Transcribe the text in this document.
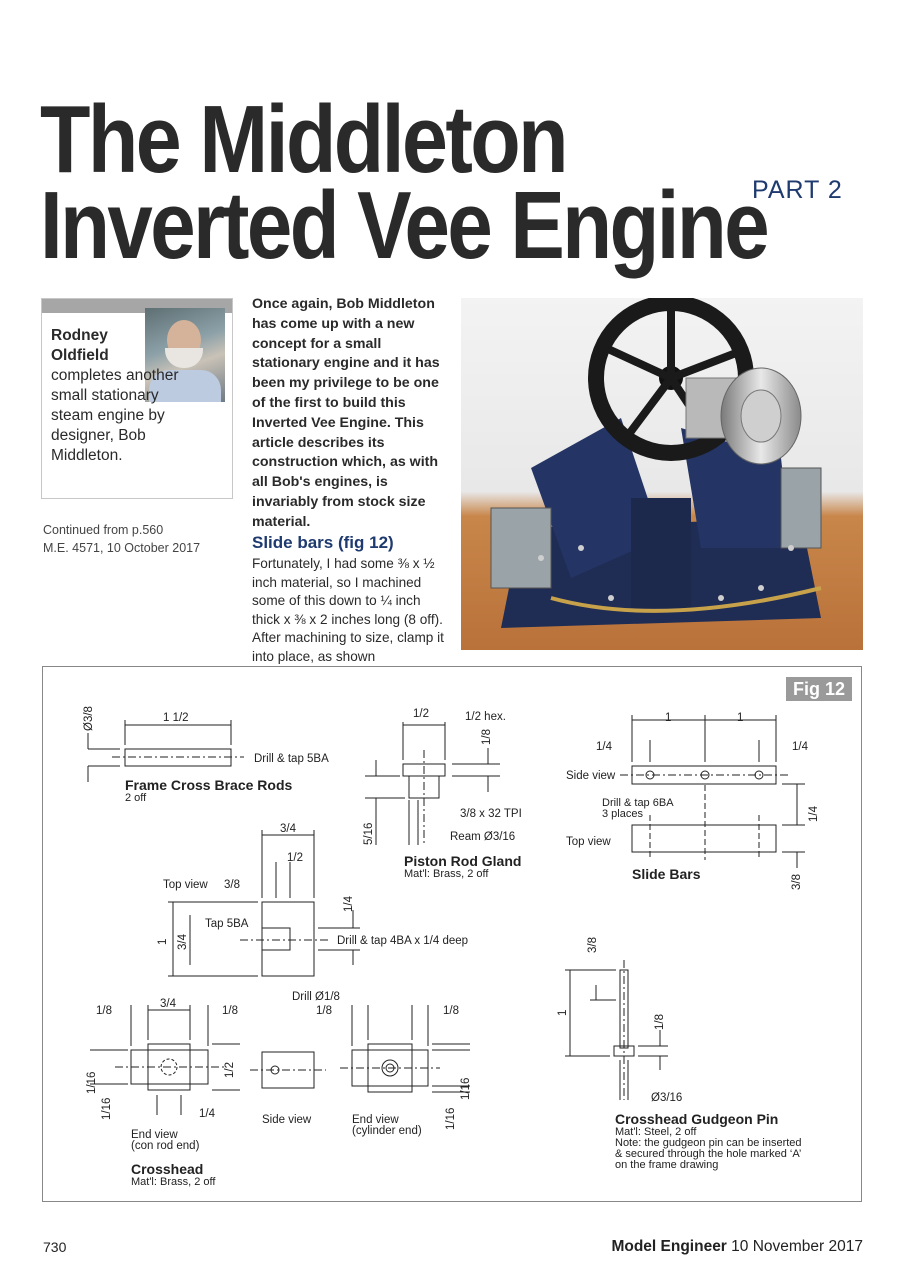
The Middleton
Inverted Vee Engine
PART 2
Rodney
Oldfield
completes another small stationary steam engine by designer, Bob Middleton.
Continued from p.560
M.E. 4571, 10 October 2017
Once again, Bob Middleton has come up with a new concept for a small stationary engine and it has been my privilege to be one of the first to build this Inverted Vee Engine. This article describes its construction which, as with all Bob's engines, is invariably from stock size material.
Slide bars (fig 12)
Fortunately, I had some ⅜ x ½ inch material, so I machined some of this down to ¼ inch thick x ⅜ x 2 inches long (8 off). After machining to size, clamp it into place, as shown
Fig 12
1 1/2
Ø3/8
Drill & tap 5BA
Frame Cross Brace Rods
2 off
1/2	1/2 hex.
1/8
5/16
3/8 x 32 TPI
Ream Ø3/16
Piston Rod Gland
Mat'l: Brass, 2 off
1	1
1/4	1/4
Side view
Drill & tap 6BA
3 places
Top view
1/4
3/8
Slide Bars
3/4
1/2
Top view 3/8
1/4
1 3/4
Tap 5BA
Drill & tap 4BA x 1/4 deep
Drill Ø1/8
1/8
3/4
1/8
1/2
1/16
1/16	1/4
End view
(con rod end)
Side view	End view
(cylinder end)
1/8	1/8
1/16
1/16
Crosshead
Mat'l: Brass, 2 off
3/8
1
1/8
Ø3/16
Crosshead Gudgeon Pin
Mat'l: Steel, 2 off
Note: the gudgeon pin can be inserted
& secured through the hole marked ‘A’
on the frame drawing
730	Model Engineer 10 November 2017
